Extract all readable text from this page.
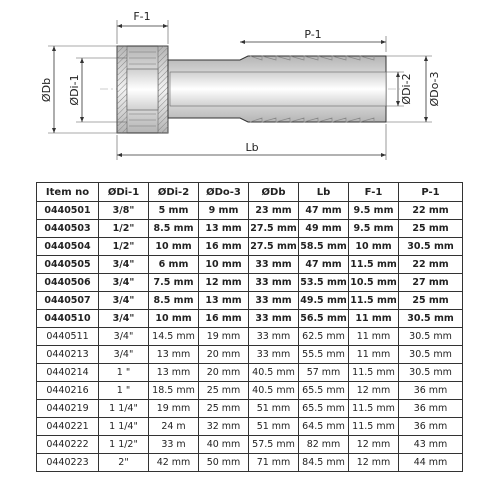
F-1
P-1
ØDb ØDi-1	ØDi-2 ØDo-3
Lb
Item no	ØDi-1	ØDi-2	ØDo-3	ØDb	Lb	F-1	P-1
0440501	3/8"	5 mm	9 mm	23 mm	47 mm	9.5 mm	22 mm
0440503	1/2"	8.5 mm	13 mm	27.5 mm	49 mm	9.5 mm	25 mm
0440504	1/2"	10 mm	16 mm	27.5 mm	58.5 mm	10 mm	30.5 mm
0440505	3/4"	6 mm	10 mm	33 mm	47 mm	11.5 mm	22 mm
0440506	3/4"	7.5 mm	12 mm	33 mm	53.5 mm	10.5 mm	27 mm
0440507	3/4"	8.5 mm	13 mm	33 mm	49.5 mm	11.5 mm	25 mm
0440510	3/4"	10 mm	16 mm	33 mm	56.5 mm	11 mm	30.5 mm
0440511	3/4"	14.5 mm	19 mm	33 mm	62.5 mm	11 mm	30.5 mm
0440213	3/4"	13 mm	20 mm	33 mm	55.5 mm	11 mm	30.5 mm
0440214	1 "	13 mm	20 mm	40.5 mm	57 mm	11.5 mm	30.5 mm
0440216	1 "	18.5 mm	25 mm	40.5 mm	65.5 mm	12 mm	36 mm
0440219	1 1/4"	19 mm	25 mm	51 mm	65.5 mm	11.5 mm	36 mm
0440221	1 1/4"	24 m	32 mm	51 mm	64.5 mm	11.5 mm	36 mm
0440222	1 1/2"	33 m	40 mm	57.5 mm	82 mm	12 mm	43 mm
0440223	2"	42 mm	50 mm	71 mm	84.5 mm	12 mm	44 mm
